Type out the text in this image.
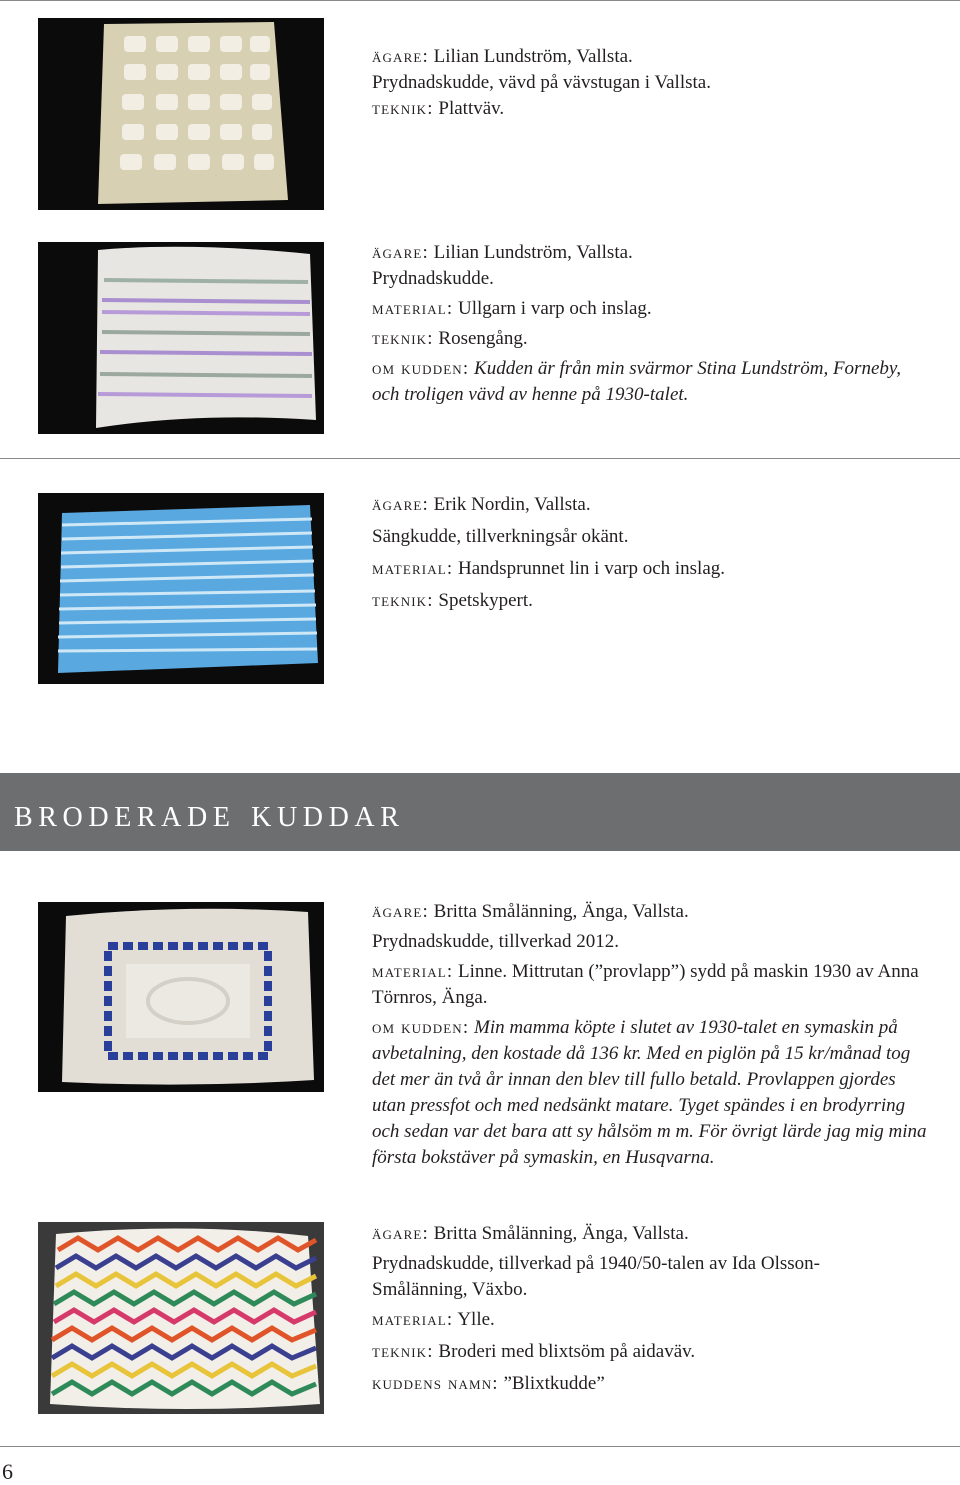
ägare: Lilian Lundström, Vallsta.

Prydnadskudde, vävd på vävstugan i Vallsta.

teknik: Plattväv.

ägare: Lilian Lundström, Vallsta.

Prydnadskudde.

material: Ullgarn i varp och inslag.

teknik: Rosengång.

om kudden: Kudden är från min svärmor Stina Lundström, Forneby, och troligen vävd av henne på 1930-talet.

ägare: Erik Nordin, Vallsta.

Sängkudde, tillverkningsår okänt.

material: Handsprunnet lin i varp och inslag.

teknik: Spetskypert.

broderade kuddar

ägare: Britta Smålänning, Änga, Vallsta.

Prydnadskudde, tillverkad 2012.

material: Linne. Mittrutan (”provlapp”) sydd på maskin 1930 av Anna Törnros, Änga.

om kudden: Min mamma köpte i slutet av 1930-talet en symaskin på avbetalning, den kostade då 136 kr. Med en piglön på 15 kr/månad tog det mer än två år innan den blev till fullo betald. Provlappen gjordes utan pressfot och med nedsänkt matare. Tyget spändes i en brodyrring och sedan var det bara att sy hålsöm m m. För övrigt lärde jag mig mina första bokstäver på symaskin, en Husqvarna.

ägare: Britta Smålänning, Änga, Vallsta.

Prydnadskudde, tillverkad på 1940/50-talen av Ida Olsson-Smålänning, Växbo.

material: Ylle.

teknik: Broderi med blixtsöm på aidaväv.

kuddens namn: ”Blixtkudde”

6
